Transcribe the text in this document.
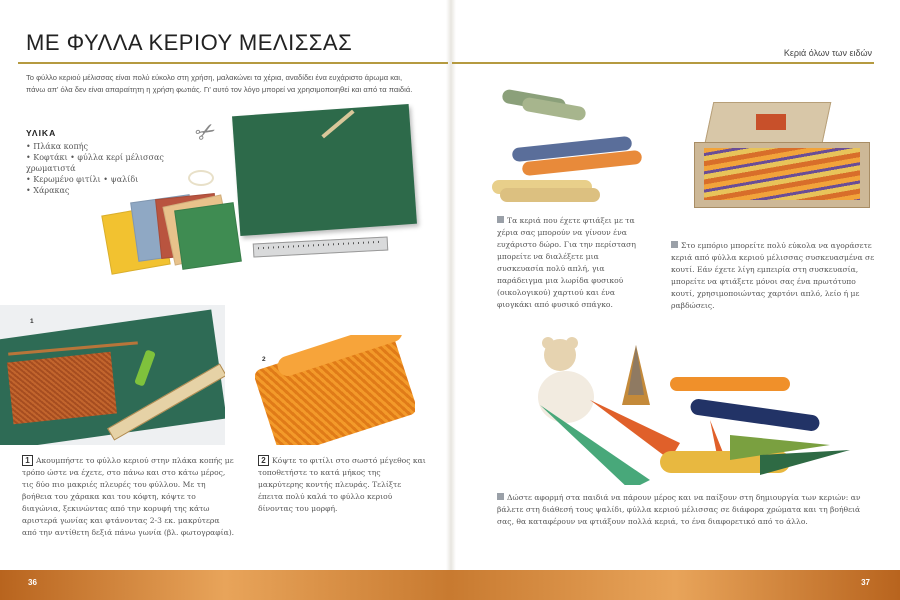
ΜΕ ΦΥΛΛΑ ΚΕΡΙΟΥ ΜΕΛΙΣΣΑΣ	Κεριά όλων των ειδών

Το φύλλο κεριού μέλισσας είναι πολύ εύκολο στη χρήση, μαλακώνει τα χέρια, αναδίδει ένα ευχάριστο άρωμα και, πάνω απ' όλα δεν είναι απαραίτητη η χρήση φωτιάς. Γι' αυτό τον λόγο μπορεί να χρησιμοποιηθεί και από τα παιδιά.

ΥΛΙΚΑ
• Πλάκα κοπής
• Κοφτάκι • φύλλα κερί μέλισσας
χρωματιστά
• Κερωμένο φιτίλι • ψαλίδι
• Χάρακας
✂
1
2
1 Ακουμπήστε το φύλλο κεριού στην πλάκα κοπής με τρόπο ώστε να έχετε, στο πάνω και στο κάτω μέρος, τις δύο πιο μακριές πλευρές του φύλλου. Με τη βοήθεια του χάρακα και του κόφτη, κόψτε το διαγώνια, ξεκινώντας από την κορυφή της κάτω αριστερά γωνίας και φτάνοντας 2-3 εκ. μακρύτερα από την αντίθετη δεξιά πάνω γωνία (βλ. φωτογραφία).
2 Κόψτε το φιτίλι στο σωστό μέγεθος και τοποθετήστε το κατά μήκος της μακρύτερης κοντής πλευράς. Τελίξτε έπειτα πολύ καλά το φύλλο κεριού δίνοντας του μορφή.
Τα κεριά που έχετε φτιάξει με τα χέρια σας μπορούν να γίνουν ένα ευχάριστο δώρο. Για την περίσταση μπορείτε να διαλέξετε μια συσκευασία πολύ απλή, για παράδειγμα μια λωρίδα φυσικού (οικολογικού) χαρτιού και ένα φιογκάκι από φυσικό σπάγκο.
Στο εμπόριο μπορείτε πολύ εύκολα να αγοράσετε κεριά από φύλλα κεριού μέλισσας συσκευασμένα σε κουτί. Εάν έχετε λίγη εμπειρία στη συσκευασία, μπορείτε να φτιάξετε μόνοι σας ένα πρωτότυπο κουτί, χρησιμοποιώντας χαρτόνι απλό, λείο ή με ραβδώσεις.
Δώστε αφορμή στα παιδιά να πάρουν μέρος και να παίξουν στη δημιουργία των κεριών: αν βάλετε στη διάθεσή τους ψαλίδι, φύλλα κεριού μέλισσας σε διάφορα χρώματα και τη βοήθειά σας, θα καταφέρουν να φτιάξουν πολλά κεριά, το ένα διαφορετικό από το άλλο.
36	37
